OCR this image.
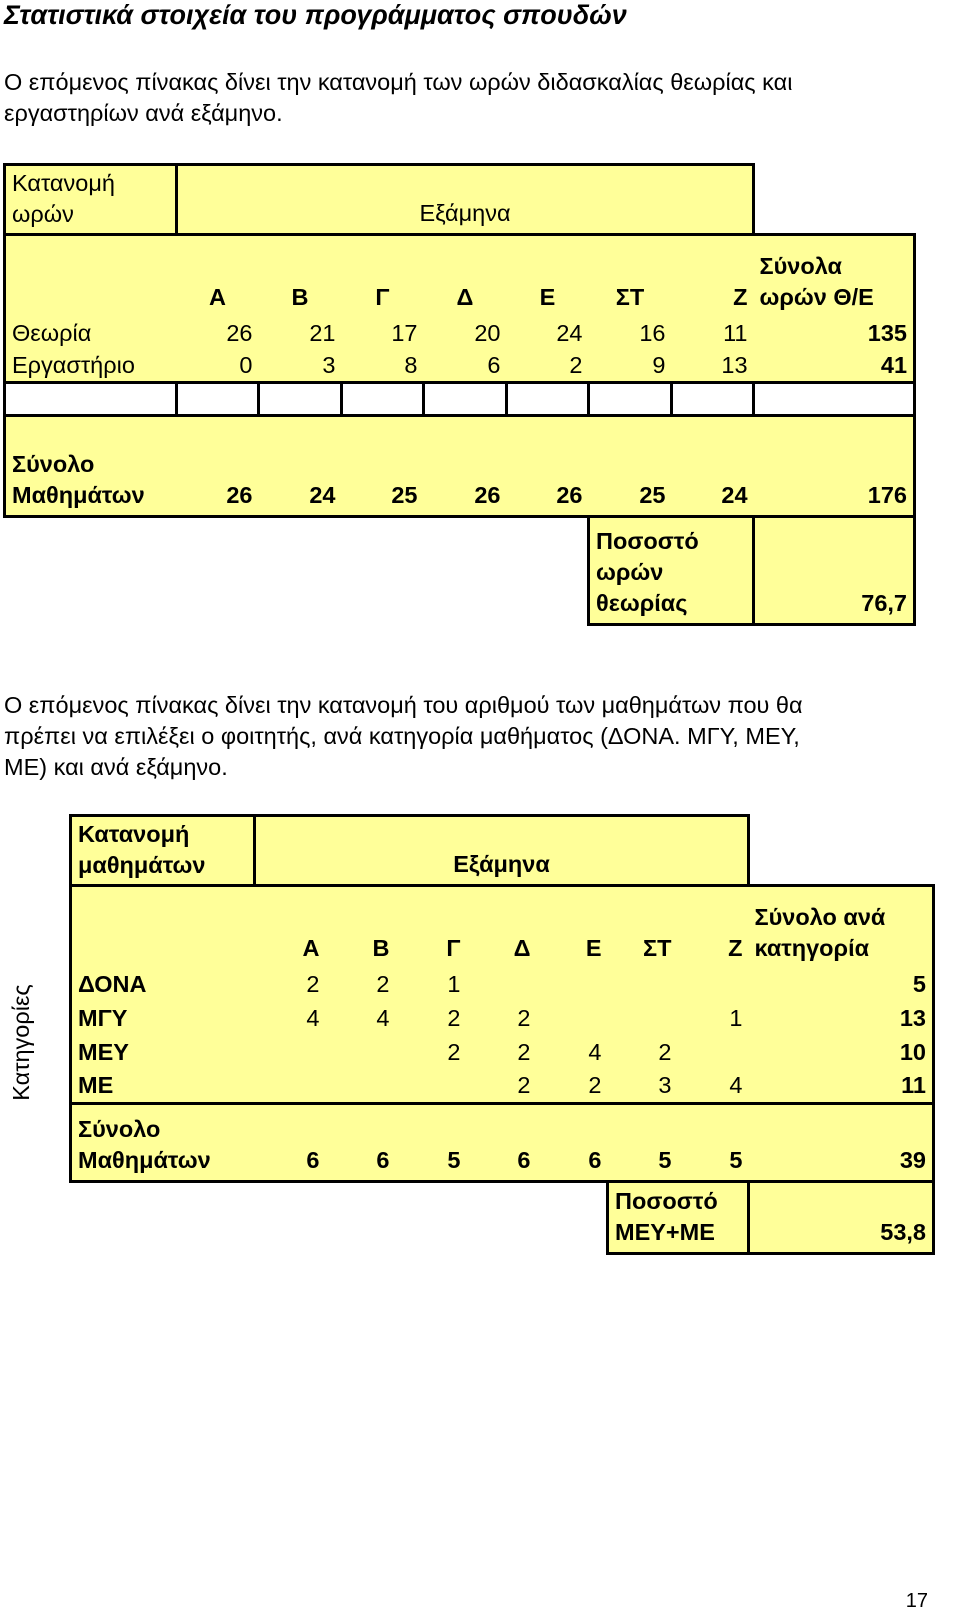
Στατιστικά στοιχεία του προγράμματος σπουδών

Ο επόμενος πίνακας δίνει την κατανομή των ωρών διδασκαλίας θεωρίας και
εργαστηρίων ανά εξάμηνο.

Κατανομή
ωρών	Εξάμηνα							
	Α	Β	Γ	Δ	Ε	ΣΤ	Ζ	Σύνολα
ωρών Θ/Ε
Θεωρία	26	21	17	20	24	16	11	135
Εργαστήριο	0	3	8	6	2	9	13	41

Σύνολο
Μαθημάτων	26	24	25	26	26	25	24	176
						Ποσοστό
ωρών
θεωρίας		76,7

Ο επόμενος πίνακας δίνει την κατανομή του αριθμού των μαθημάτων που θα
πρέπει να επιλέξει ο φοιτητής, ανά κατηγορία μαθήματος (ΔΟΝΑ. ΜΓΥ, ΜΕΥ,
ΜΕ) και ανά εξάμηνο.

Κατηγορίες
Κατανομή
μαθημάτων	Εξάμηνα							
	Α	Β	Γ	Δ	Ε	ΣΤ	Ζ	Σύνολο ανά
κατηγορία
ΔΟΝΑ	2	2	1					5
ΜΓΥ	4	4	2	2			1	13
ΜΕΥ			2	2	4	2		10
ΜΕ				2	2	3	4	11
Σύνολο
Μαθημάτων	6	6	5	6	6	5	5	39
						Ποσοστό
ΜΕΥ+ΜΕ		53,8
17
